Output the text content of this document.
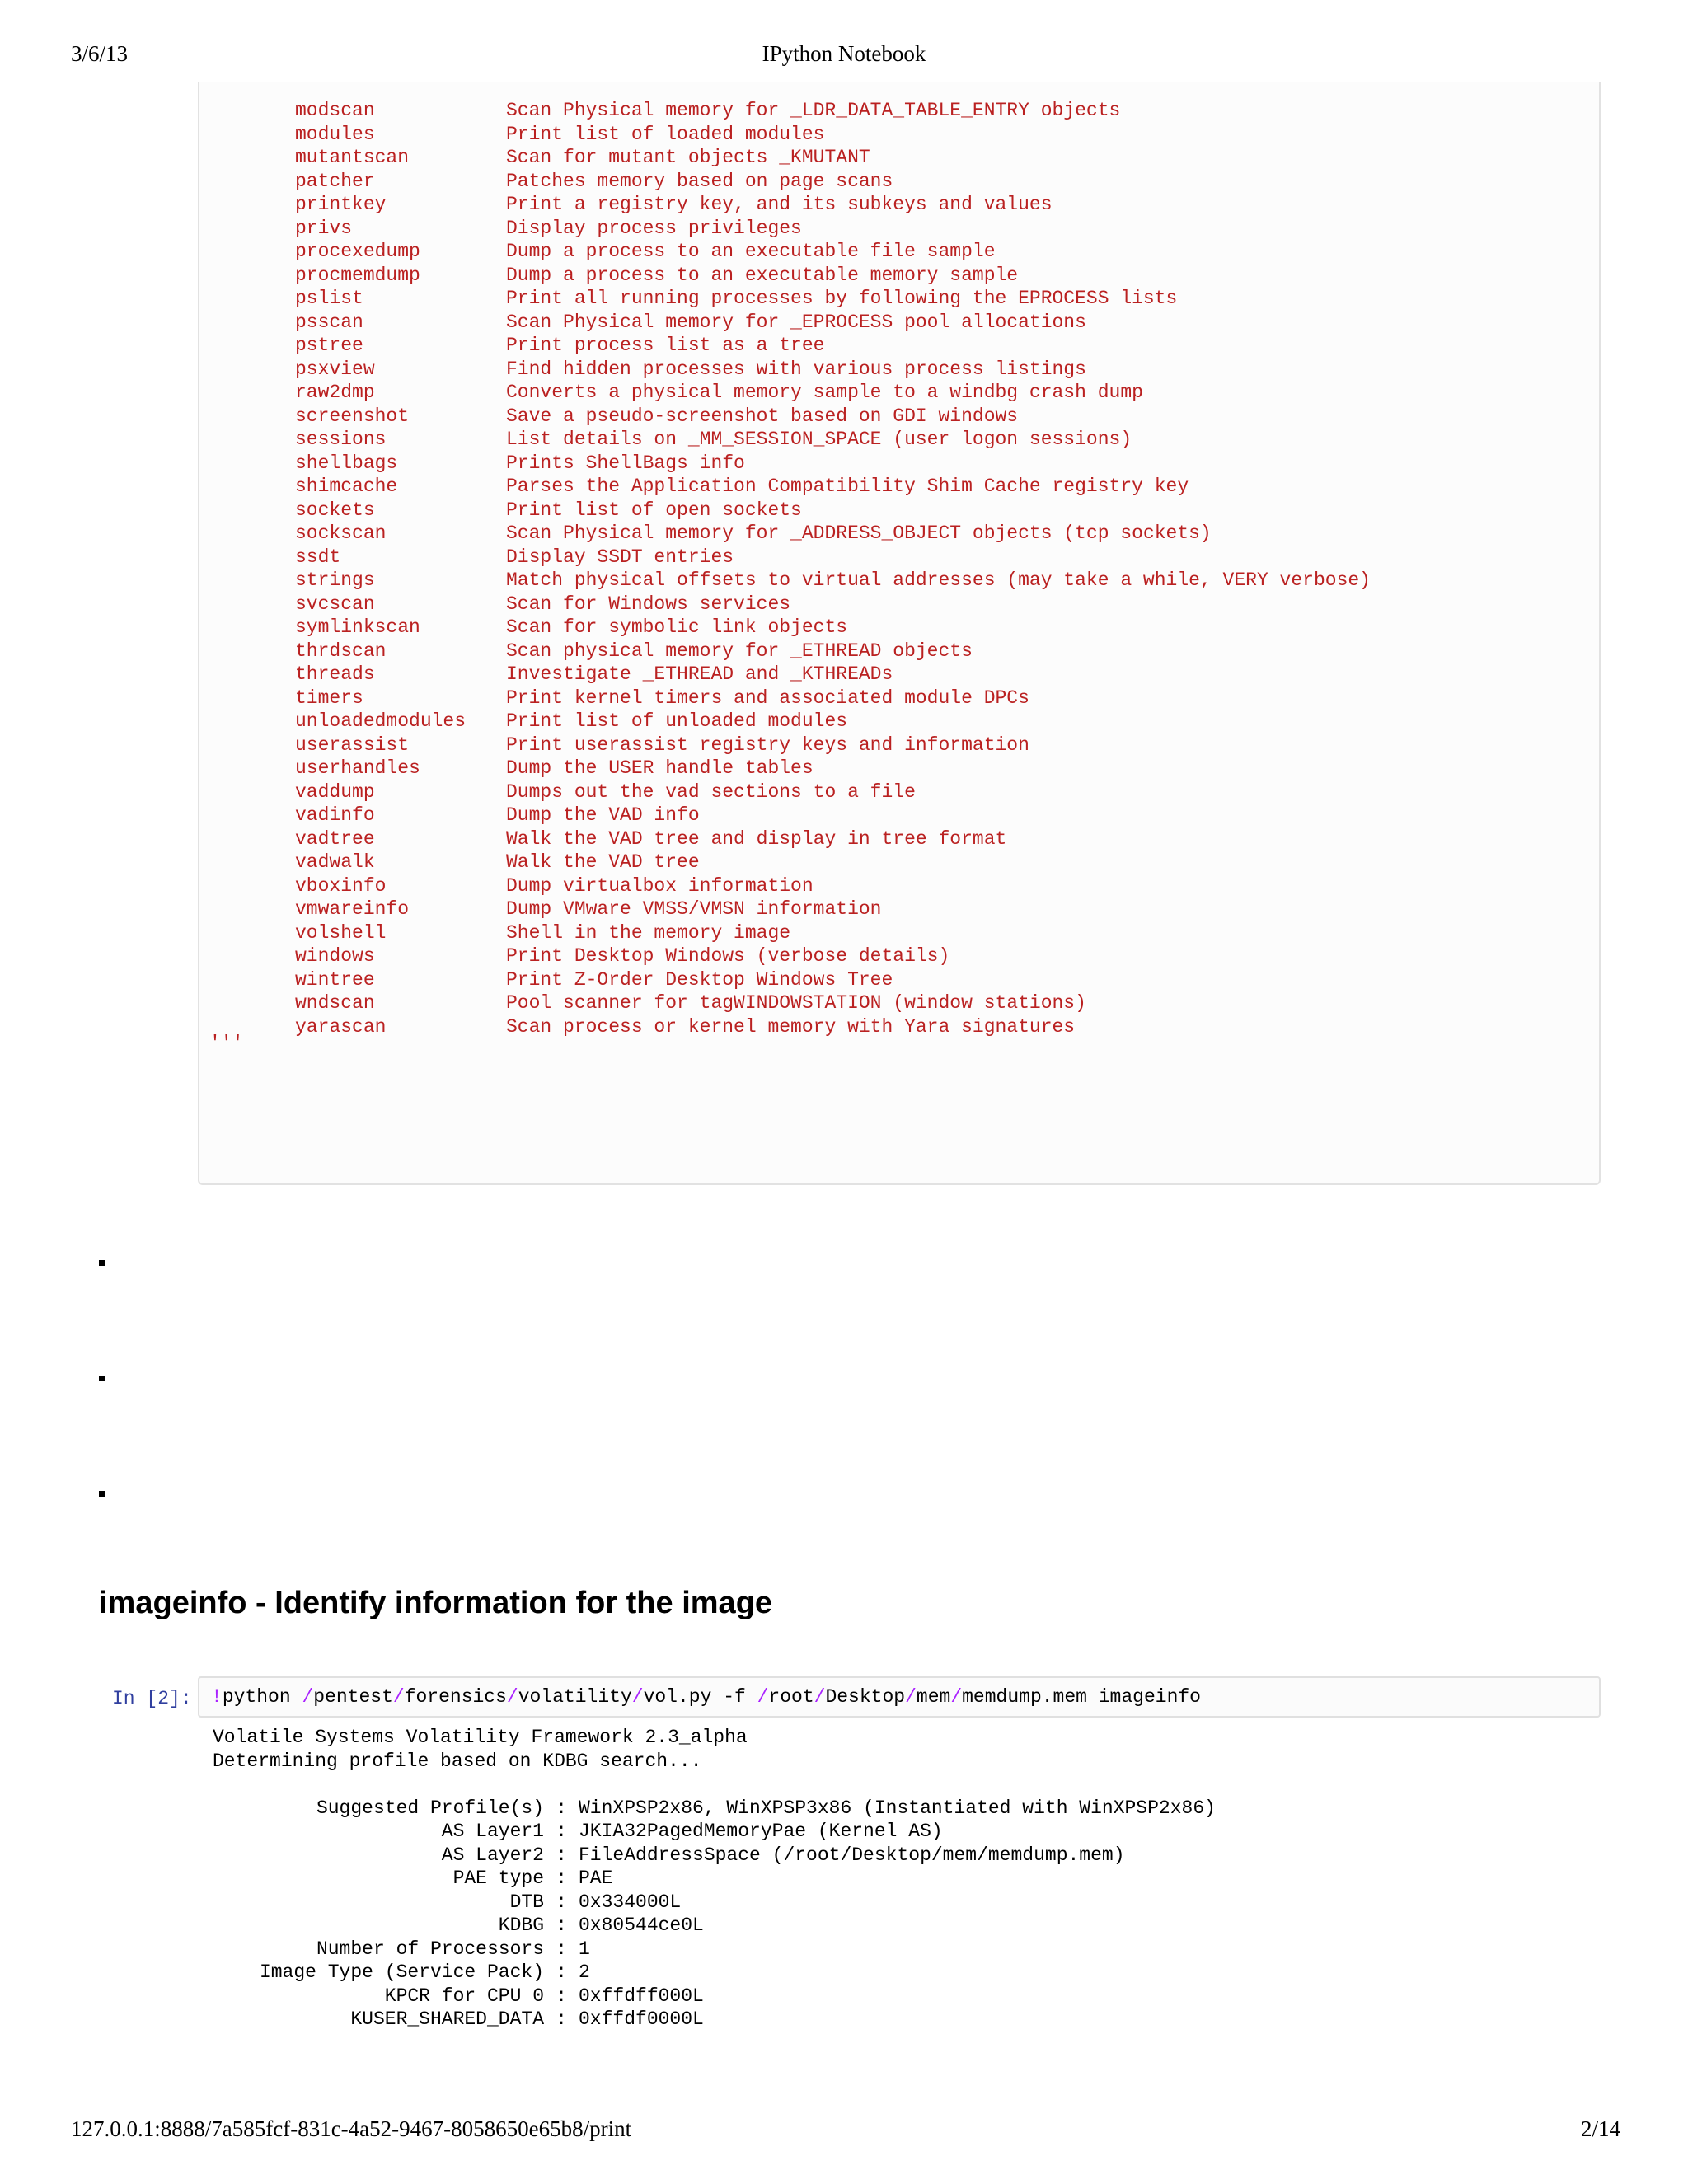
3/6/13	IPython Notebook
modscan	Scan Physical memory for _LDR_DATA_TABLE_ENTRY objects
modules	Print list of loaded modules
mutantscan	Scan for mutant objects _KMUTANT
patcher	Patches memory based on page scans
printkey	Print a registry key, and its subkeys and values
privs	Display process privileges
procexedump	Dump a process to an executable file sample
procmemdump	Dump a process to an executable memory sample
pslist	Print all running processes by following the EPROCESS lists
psscan	Scan Physical memory for _EPROCESS pool allocations
pstree	Print process list as a tree
psxview	Find hidden processes with various process listings
raw2dmp	Converts a physical memory sample to a windbg crash dump
screenshot	Save a pseudo-screenshot based on GDI windows
sessions	List details on _MM_SESSION_SPACE (user logon sessions)
shellbags	Prints ShellBags info
shimcache	Parses the Application Compatibility Shim Cache registry key
sockets	Print list of open sockets
sockscan	Scan Physical memory for _ADDRESS_OBJECT objects (tcp sockets)
ssdt	Display SSDT entries
strings	Match physical offsets to virtual addresses (may take a while, VERY verbose)
svcscan	Scan for Windows services
symlinkscan	Scan for symbolic link objects
thrdscan	Scan physical memory for _ETHREAD objects
threads	Investigate _ETHREAD and _KTHREADs
timers	Print kernel timers and associated module DPCs
unloadedmodules	Print list of unloaded modules
userassist	Print userassist registry keys and information
userhandles	Dump the USER handle tables
vaddump	Dumps out the vad sections to a file
vadinfo	Dump the VAD info
vadtree	Walk the VAD tree and display in tree format
vadwalk	Walk the VAD tree
vboxinfo	Dump virtualbox information
vmwareinfo	Dump VMware VMSS/VMSN information
volshell	Shell in the memory image
windows	Print Desktop Windows (verbose details)
wintree	Print Z-Order Desktop Windows Tree
wndscan	Pool scanner for tagWINDOWSTATION (window stations)
yarascan	Scan process or kernel memory with Yara signatures
'''
imageinfo - Identify information for the image
In [2]: !python /pentest/forensics/volatility/vol.py -f /root/Desktop/mem/memdump.mem imageinfo
Volatile Systems Volatility Framework 2.3_alpha
Determining profile based on KDBG search...
Suggested Profile(s) : WinXPSP2x86, WinXPSP3x86 (Instantiated with WinXPSP2x86)
AS Layer1 : JKIA32PagedMemoryPae (Kernel AS)
AS Layer2 : FileAddressSpace (/root/Desktop/mem/memdump.mem)
PAE type : PAE
DTB : 0x334000L
KDBG : 0x80544ce0L
Number of Processors : 1
Image Type (Service Pack) : 2
KPCR for CPU 0 : 0xffdff000L
KUSER_SHARED_DATA : 0xffdf0000L
127.0.0.1:8888/7a585fcf-831c-4a52-9467-8058650e65b8/print	2/14
